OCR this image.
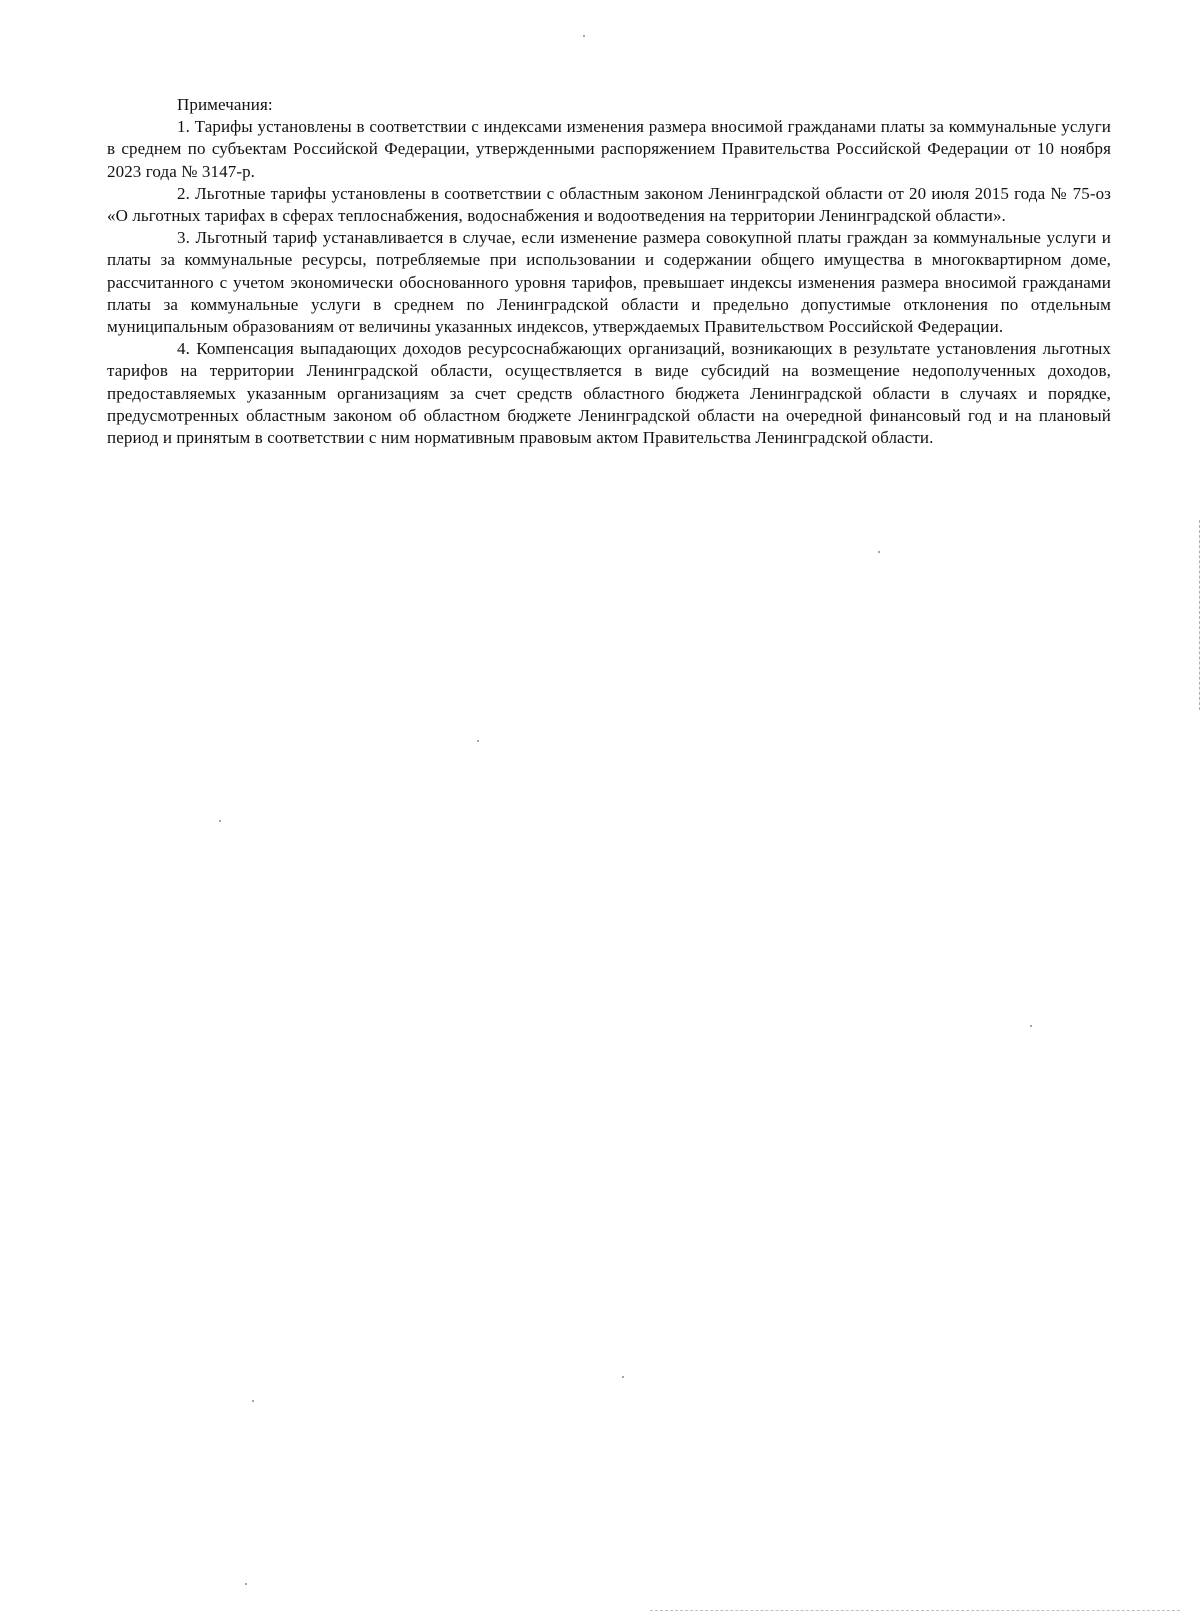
Примечания:

1. Тарифы установлены в соответствии с индексами изменения размера вносимой гражданами платы за коммунальные услуги в среднем по субъектам Российской Федерации, утвержденными распоряжением Правительства Российской Федерации от 10 ноября 2023 года № 3147-р.

2. Льготные тарифы установлены в соответствии с областным законом Ленинградской области от 20 июля 2015 года № 75-оз «О льготных тарифах в сферах теплоснабжения, водоснабжения и водоотведения на территории Ленинградской области».

3. Льготный тариф устанавливается в случае, если изменение размера совокупной платы граждан за коммунальные услуги и платы за коммунальные ресурсы, потребляемые при использовании и содержании общего имущества в многоквартирном доме, рассчитанного с учетом экономически обоснованного уровня тарифов, превышает индексы изменения размера вносимой гражданами платы за коммунальные услуги в среднем по Ленинградской области и предельно допустимые отклонения по отдельным муниципальным образованиям от величины указанных индексов, утверждаемых Правительством Российской Федерации.

4. Компенсация выпадающих доходов ресурсоснабжающих организаций, возникающих в результате установления льготных тарифов на территории Ленинградской области, осуществляется в виде субсидий на возмещение недополученных доходов, предоставляемых указанным организациям за счет средств областного бюджета Ленинградской области в случаях и порядке, предусмотренных областным законом об областном бюджете Ленинградской области на очередной финансовый год и на плановый период и принятым в соответствии с ним нормативным правовым актом Правительства Ленинградской области.
